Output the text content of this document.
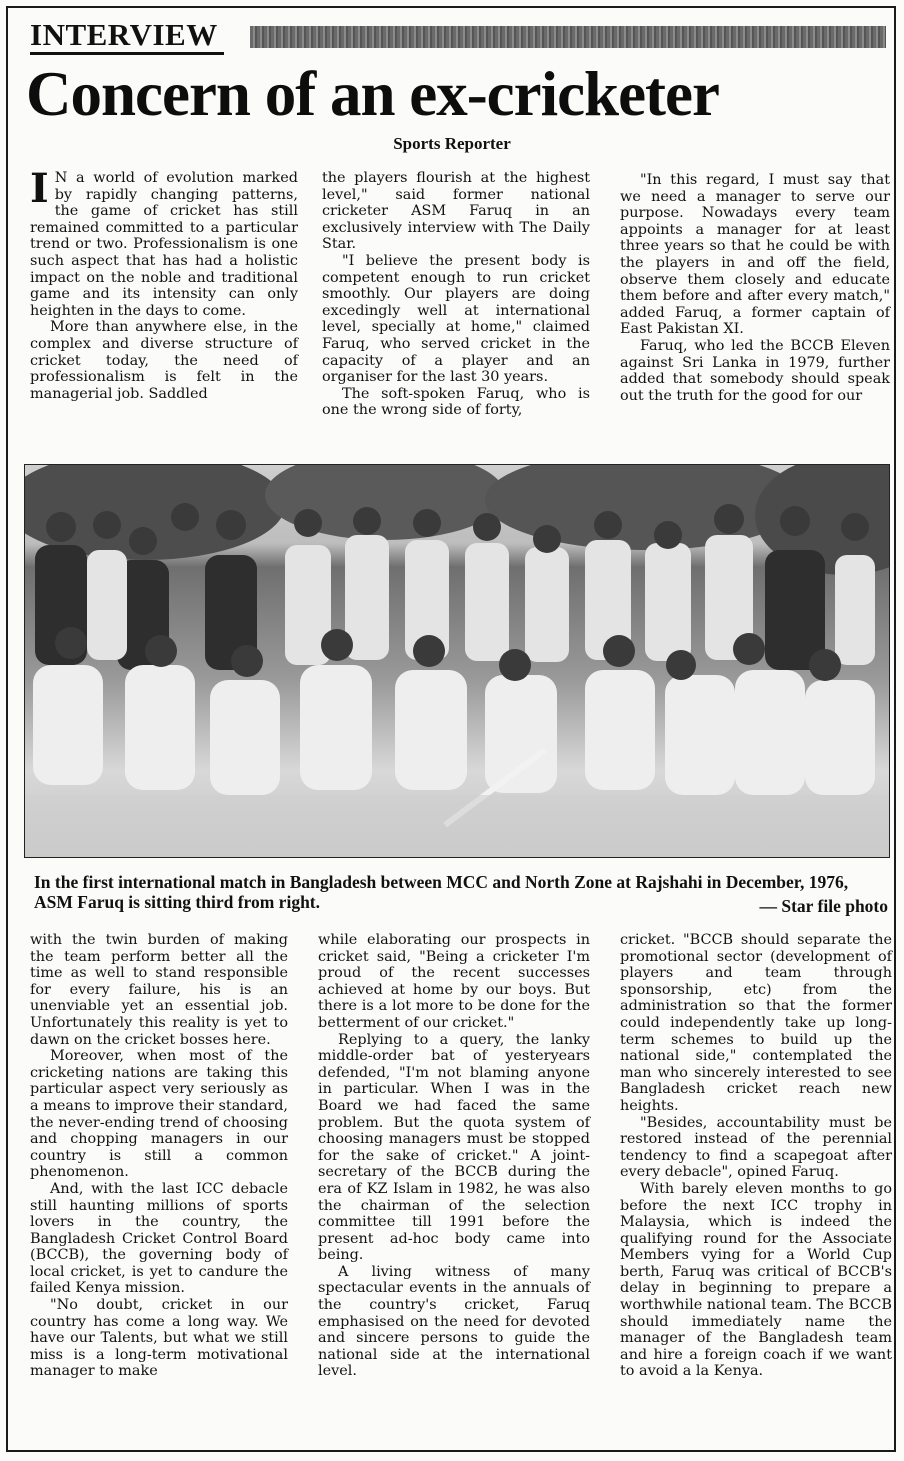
INTERVIEW
Concern of an ex-cricketer
Sports Reporter

I N a world of evolution marked by rapidly changing patterns, the game of cricket has still remained committed to a particular trend or two. Professionalism is one such aspect that has had a holistic impact on the noble and traditional game and its intensity can only heighten in the days to come.

More than anywhere else, in the complex and diverse structure of cricket today, the need of professionalism is felt in the managerial job. Saddled

the players flourish at the highest level," said former national cricketer ASM Faruq in an exclusively interview with The Daily Star.

"I believe the present body is competent enough to run cricket smoothly. Our players are doing excedingly well at international level, specially at home," claimed Faruq, who served cricket in the capacity of a player and an organiser for the last 30 years.

The soft-spoken Faruq, who is one the wrong side of forty,

"In this regard, I must say that we need a manager to serve our purpose. Nowadays every team appoints a manager for at least three years so that he could be with the players in and off the field, observe them closely and educate them before and after every match," added Faruq, a former captain of East Pakistan XI.

Faruq, who led the BCCB Eleven against Sri Lanka in 1979, further added that somebody should speak out the truth for the good for our

In the first international match in Bangladesh between MCC and North Zone at Rajshahi in December, 1976, ASM Faruq is sitting third from right.	— Star file photo

with the twin burden of making the team perform better all the time as well to stand responsible for every failure, his is an unenviable yet an essential job. Unfortunately this reality is yet to dawn on the cricket bosses here.

Moreover, when most of the cricketing nations are taking this particular aspect very seriously as a means to improve their standard, the never-ending trend of choosing and chopping managers in our country is still a common phenomenon.

And, with the last ICC debacle still haunting millions of sports lovers in the country, the Bangladesh Cricket Control Board (BCCB), the governing body of local cricket, is yet to candure the failed Kenya mission.

"No doubt, cricket in our country has come a long way. We have our Talents, but what we still miss is a long-term motivational manager to make

while elaborating our prospects in cricket said, "Being a cricketer I'm proud of the recent successes achieved at home by our boys. But there is a lot more to be done for the betterment of our cricket."

Replying to a query, the lanky middle-order bat of yesteryears defended, "I'm not blaming anyone in particular. When I was in the Board we had faced the same problem. But the quota system of choosing managers must be stopped for the sake of cricket." A joint-secretary of the BCCB during the era of KZ Islam in 1982, he was also the chairman of the selection committee till 1991 before the present ad-hoc body came into being.

A living witness of many spectacular events in the annuals of the country's cricket, Faruq emphasised on the need for devoted and sincere persons to guide the national side at the international level.

cricket. "BCCB should separate the promotional sector (development of players and team through sponsorship, etc) from the administration so that the former could independently take up long-term schemes to build up the national side," contemplated the man who sincerely interested to see Bangladesh cricket reach new heights.

"Besides, accountability must be restored instead of the perennial tendency to find a scapegoat after every debacle", opined Faruq.

With barely eleven months to go before the next ICC trophy in Malaysia, which is indeed the qualifying round for the Associate Members vying for a World Cup berth, Faruq was critical of BCCB's delay in beginning to prepare a worthwhile national team. The BCCB should immediately name the manager of the Bangladesh team and hire a foreign coach if we want to avoid a la Kenya.
